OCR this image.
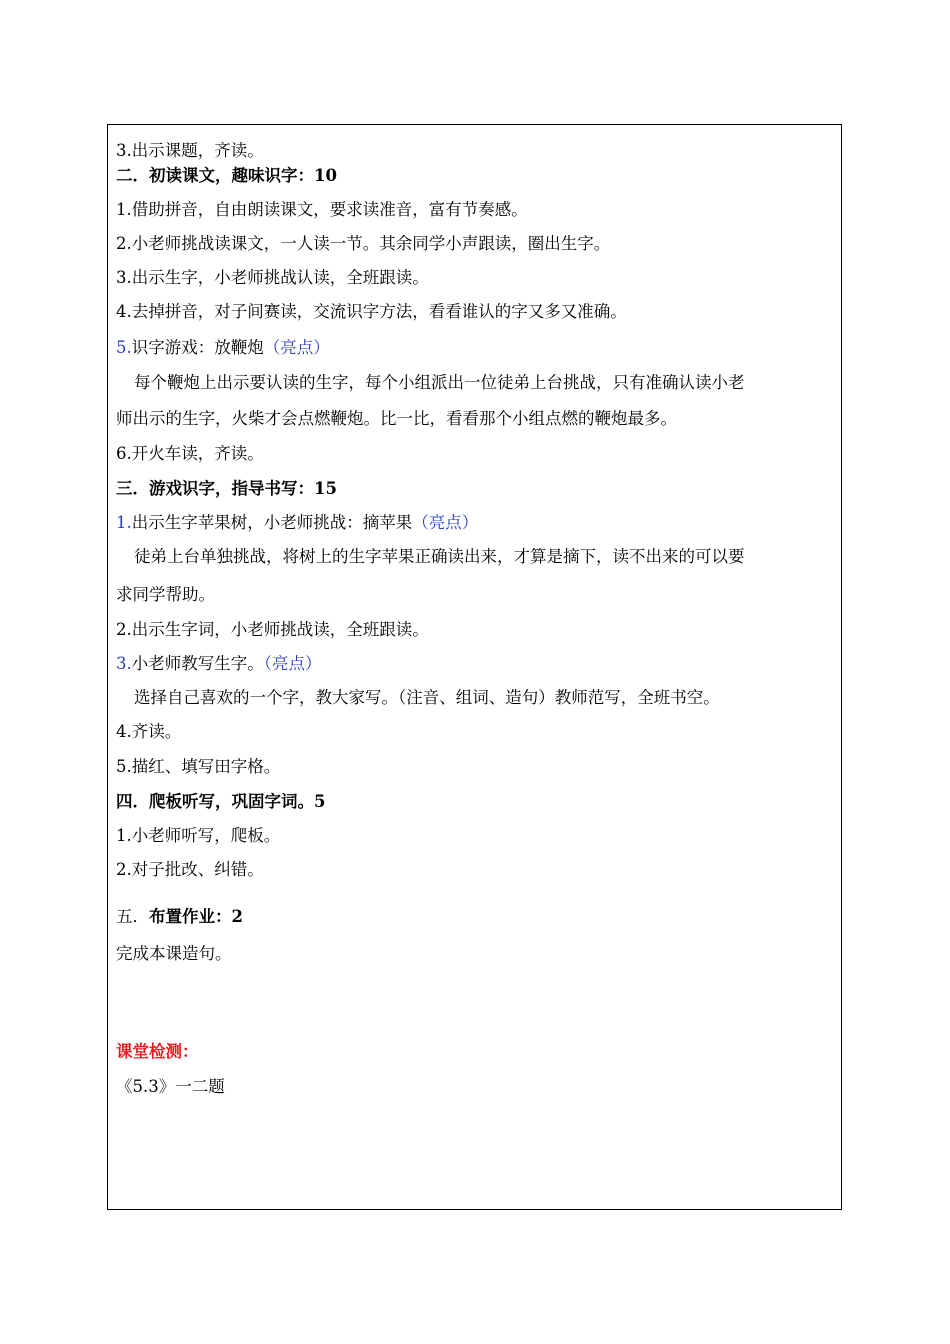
3.出示课题，齐读。
二．初读课文，趣味识字：10
1.借助拼音，自由朗读课文，要求读准音，富有节奏感。
2.小老师挑战读课文，一人读一节。其余同学小声跟读，圈出生字。
3.出示生字，小老师挑战认读，全班跟读。
4.去掉拼音，对子间赛读，交流识字方法，看看谁认的字又多又准确。
5.识字游戏：放鞭炮（亮点）
每个鞭炮上出示要认读的生字，每个小组派出一位徒弟上台挑战，只有准确认读小老
师出示的生字，火柴才会点燃鞭炮。比一比，看看那个小组点燃的鞭炮最多。
6.开火车读，齐读。
三．游戏识字，指导书写：15
1.出示生字苹果树，小老师挑战：摘苹果（亮点）
徒弟上台单独挑战，将树上的生字苹果正确读出来，才算是摘下，读不出来的可以要
求同学帮助。
2.出示生字词，小老师挑战读，全班跟读。
3.小老师教写生字。（亮点）
选择自己喜欢的一个字，教大家写。（注音、组词、造句）教师范写，全班书空。
4.齐读。
5.描红、填写田字格。
四．爬板听写，巩固字词。5
1.小老师听写，爬板。
2.对子批改、纠错。
五．布置作业：2
完成本课造句。
课堂检测：
《5.3》一二题
